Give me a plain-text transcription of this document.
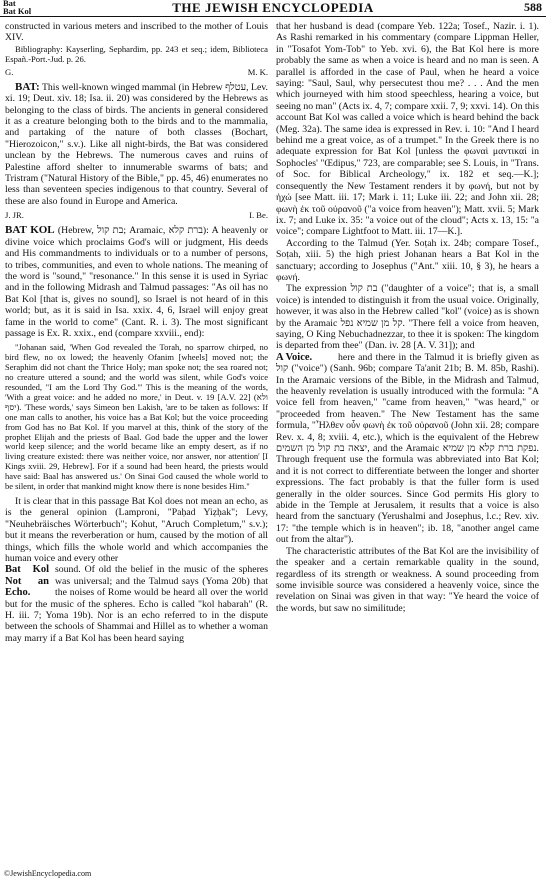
Bat
Bat Kol	THE JEWISH ENCYCLOPEDIA	588

constructed in various meters and inscribed to the mother of Louis XIV.

Bibliography: Kayserling, Sephardim, pp. 243 et seq.; idem, Biblioteca Españ.-Port.-Jud. p. 26.

G.	M. K.

BAT: This well-known winged mammal (in Hebrew עטלף, Lev. xi. 19; Deut. xiv. 18; Isa. ii. 20) was considered by the Hebrews as belonging to the class of birds. The ancients in general considered it as a creature belonging both to the birds and to the mammalia, and partaking of the nature of both classes (Bochart, "Hierozoicon," s.v.). Like all night-birds, the Bat was considered unclean by the Hebrews. The numerous caves and ruins of Palestine afford shelter to innumerable swarms of bats; and Tristram ("Natural History of the Bible," pp. 45, 46) enumerates no less than seventeen species indigenous to that country. Several of these are also found in Europe and America.

J. JR.	I. Be.

BAT KOL (Hebrew, בת קול; Aramaic, ברת קלא): A heavenly or divine voice which proclaims God's will or judgment, His deeds and His commandments to individuals or to a number of persons, to tribes, communities, and even to whole nations. The meaning of the word is "sound," "resonance." In this sense it is used in Syriac and in the following Midrash and Talmud passages: "As oil has no Bat Kol [that is, gives no sound], so Israel is not heard of in this world; but, as it is said in Isa. xxix. 4, 6, Israel will enjoy great fame in the world to come" (Cant. R. i. 3). The most significant passage is Ex. R. xxix., end (compare xxviii., end):

"Johanan said, 'When God revealed the Torah, no sparrow chirped, no bird flew, no ox lowed; the heavenly Ofanim [wheels] moved not; the Seraphim did not chant the Thrice Holy; man spoke not; the sea roared not; no creature uttered a sound; and the world was silent, while God's voice resounded, "I am the Lord Thy God."' This is the meaning of the words, 'With a great voice: and he added no more,' in Deut. v. 19 [A.V. 22] (ולא יסף). 'These words,' says Simeon ben Lakish, 'are to be taken as follows: If one man calls to another, his voice has a Bat Kol; but the voice proceeding from God has no Bat Kol. If you marvel at this, think of the story of the prophet Elijah and the priests of Baal. God bade the upper and the lower world keep silence; and the world became like an empty desert, as if no living creature existed: there was neither voice, nor answer, nor attention' [I Kings xviii. 29, Hebrew]. For if a sound had been heard, the priests would have said: Baal has answered us.' On Sinai God caused the whole world to be silent, in order that mankind might know there is none besides Him."

It is clear that in this passage Bat Kol does not mean an echo, as is the general opinion (Lamproni, "Paḥad Yiẓḥak"; Levy, "Neuhebräisches Wörterbuch"; Kohut, "Aruch Completum," s.v.); but it means the reverberation or hum, caused by the motion of all things, which fills the whole world and which accompanies the human voice and every other

Bat Kol Not an Echo.

sound. Of old the belief in the music of the spheres was universal; and the Talmud says (Yoma 20b) that the noises of Rome would be heard all over the world but for the music of the spheres. Echo is called "kol habarah" (R. H. iii. 7; Yoma 19b). Nor is an echo referred to in the dispute between the schools of Shammai and Hillel as to whether a woman may marry if a Bat Kol has been heard saying

that her husband is dead (compare Yeb. 122a; Tosef., Nazir. i. 1). As Rashi remarked in his commentary (compare Lippman Heller, in "Tosafot Yom-Tob" to Yeb. xvi. 6), the Bat Kol here is more probably the same as when a voice is heard and no man is seen. A parallel is afforded in the case of Paul, when he heard a voice saying: "Saul, Saul, why persecutest thou me? . . . And the men which journeyed with him stood speechless, hearing a voice, but seeing no man" (Acts ix. 4, 7; compare xxii. 7, 9; xxvi. 14). On this account Bat Kol was called a voice which is heard behind the back (Meg. 32a). The same idea is expressed in Rev. i. 10: "And I heard behind me a great voice, as of a trumpet." In the Greek there is no adequate expression for Bat Kol [unless the φωναὶ μαντικαί in Sophocles' "Œdipus," 723, are comparable; see S. Louis, in "Trans. of Soc. for Biblical Archeology," ix. 182 et seq.—K.]; consequently the New Testament renders it by φωνή, but not by ἠχώ [see Matt. iii. 17; Mark i. 11; Luke iii. 22; and John xii. 28; φωνὴ ἐκ τοῦ οὐρανοῦ ("a voice from heaven"); Matt. xvii. 5; Mark ix. 7; and Luke ix. 35: "a voice out of the cloud"; Acts x. 13, 15: "a voice"; compare Lightfoot to Matt. iii. 17—K.].

According to the Talmud (Yer. Soṭah ix. 24b; compare Tosef., Soṭah, xiii. 5) the high priest Johanan hears a Bat Kol in the sanctuary; according to Josephus ("Ant." xiii. 10, § 3), he hears a φωνή.

The expression בת קול ("daughter of a voice"; that is, a small voice) is intended to distinguish it from the usual voice. Originally, however, it was also in the Hebrew called "kol" (voice) as is shown by the Aramaic קל מן שמיא נפל. "There fell a voice from heaven, saying, O King Nebuchadnezzar, to thee it is spoken: The kingdom is departed from thee" (Dan. iv. 28 [A. V. 31]); and

A Voice.	here and there in the Talmud it is briefly given as קול ("voice") (Sanh. 96b; compare Ta'anit 21b; B. M. 85b, Rashi). In the Aramaic versions of the Bible, in the Midrash and Talmud, the heavenly revelation is usually introduced with the formula: "A voice fell from heaven," "came from heaven," "was heard," or "proceeded from heaven." The New Testament has the same formula, "Ἦλθεν οὖν φωνὴ ἐκ τοῦ οὐρανοῦ (John xii. 28; compare Rev. x. 4, 8; xviii. 4, etc.), which is the equivalent of the Hebrew יצאה בת קול מן השמים, and the Aramaic נפקת ברת קלא מן שמיא. Through frequent use the formula was abbreviated into Bat Kol; and it is not correct to differentiate between the longer and shorter expressions. The fact probably is that the fuller form is used generally in the older sources. Since God permits His glory to abide in the Temple at Jerusalem, it results that a voice is also heard from the sanctuary (Yerushalmi and Josephus, l.c.; Rev. xiv. 17: "the temple which is in heaven"; ib. 18, "another angel came out from the altar").

The characteristic attributes of the Bat Kol are the invisibility of the speaker and a certain remarkable quality in the sound, regardless of its strength or weakness. A sound proceeding from some invisible source was considered a heavenly voice, since the revelation on Sinai was given in that way: "Ye heard the voice of the words, but saw no similitude;

©JewishEncyclopedia.com
